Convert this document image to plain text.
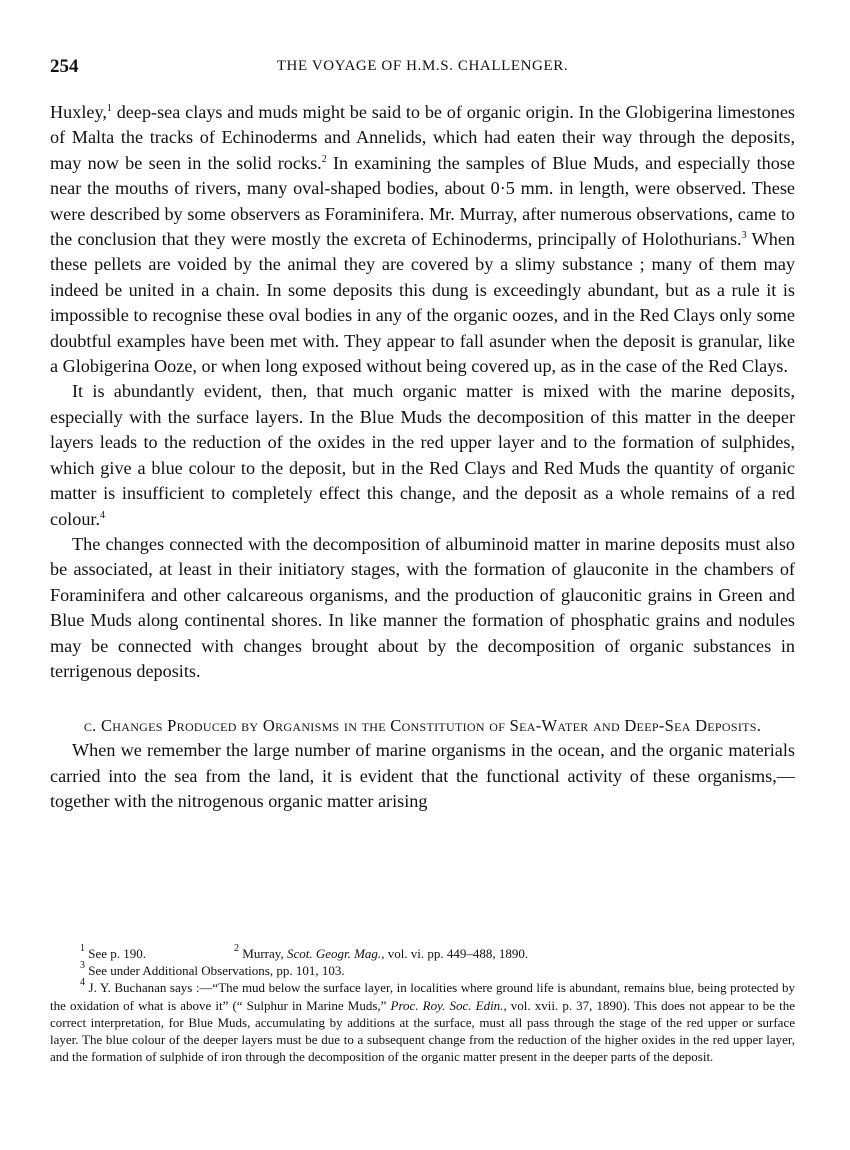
254	THE VOYAGE OF H.M.S. CHALLENGER.

Huxley,$^1$ deep-sea clays and muds might be said to be of organic origin. In the Globigerina limestones of Malta the tracks of Echinoderms and Annelids, which had eaten their way through the deposits, may now be seen in the solid rocks.$^2$ In examining the samples of Blue Muds, and especially those near the mouths of rivers, many oval-shaped bodies, about 0·5 mm. in length, were observed. These were described by some observers as Foraminifera. Mr. Murray, after numerous observations, came to the conclusion that they were mostly the excreta of Echinoderms, principally of Holothurians.$^3$ When these pellets are voided by the animal they are covered by a slimy substance ; many of them may indeed be united in a chain. In some deposits this dung is exceedingly abundant, but as a rule it is impossible to recognise these oval bodies in any of the organic oozes, and in the Red Clays only some doubtful examples have been met with. They appear to fall asunder when the deposit is granular, like a Globigerina Ooze, or when long exposed without being covered up, as in the case of the Red Clays.

It is abundantly evident, then, that much organic matter is mixed with the marine deposits, especially with the surface layers. In the Blue Muds the decomposition of this matter in the deeper layers leads to the reduction of the oxides in the red upper layer and to the formation of sulphides, which give a blue colour to the deposit, but in the Red Clays and Red Muds the quantity of organic matter is insufficient to completely effect this change, and the deposit as a whole remains of a red colour.$^4$

The changes connected with the decomposition of albuminoid matter in marine deposits must also be associated, at least in their initiatory stages, with the formation of glauconite in the chambers of Foraminifera and other calcareous organisms, and the production of glauconitic grains in Green and Blue Muds along continental shores. In like manner the formation of phosphatic grains and nodules may be connected with changes brought about by the decomposition of organic substances in terrigenous deposits.

c. Changes Produced by Organisms in the Constitution of Sea-Water and Deep-Sea Deposits.

When we remember the large number of marine organisms in the ocean, and the organic materials carried into the sea from the land, it is evident that the functional activity of these organisms,—together with the nitrogenous organic matter arising

$^1$ See p. 190.	$^2$ Murray, Scot. Geogr. Mag., vol. vi. pp. 449–488, 1890.

$^3$ See under Additional Observations, pp. 101, 103.

$^4$ J. Y. Buchanan says :—“The mud below the surface layer, in localities where ground life is abundant, remains blue, being protected by the oxidation of what is above it” (“ Sulphur in Marine Muds,” Proc. Roy. Soc. Edin., vol. xvii. p. 37, 1890). This does not appear to be the correct interpretation, for Blue Muds, accumulating by additions at the surface, must all pass through the stage of the red upper or surface layer. The blue colour of the deeper layers must be due to a subsequent change from the reduction of the higher oxides in the red upper layer, and the formation of sulphide of iron through the decomposition of the organic matter present in the deeper parts of the deposit.
